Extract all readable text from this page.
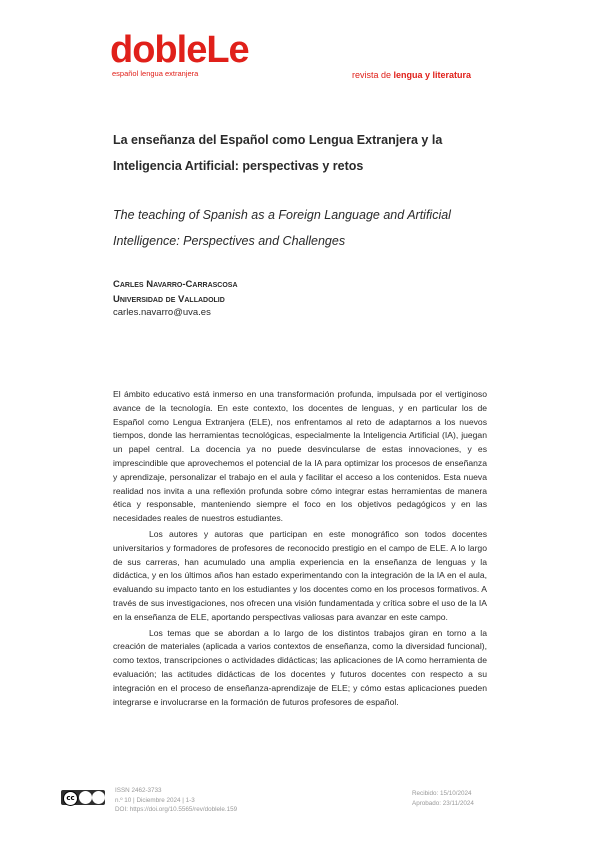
dobleLe
español lengua extranjera	revista de lengua y literatura
La enseñanza del Español como Lengua Extranjera y la Inteligencia Artificial: perspectivas y retos
The teaching of Spanish as a Foreign Language and Artificial Intelligence: Perspectives and Challenges
Carles Navarro-Carrascosa
Universidad de Valladolid
carles.navarro@uva.es

El ámbito educativo está inmerso en una transformación profunda, impulsada por el vertiginoso avance de la tecnología. En este contexto, los docentes de lenguas, y en particular los de Español como Lengua Extranjera (ELE), nos enfrentamos al reto de adaptarnos a los nuevos tiempos, donde las herramientas tecnológicas, especialmente la Inteligencia Artificial (IA), juegan un papel central. La docencia ya no puede desvincularse de estas innovaciones, y es imprescindible que aprovechemos el potencial de la IA para optimizar los procesos de enseñanza y aprendizaje, personalizar el trabajo en el aula y facilitar el acceso a los contenidos. Esta nueva realidad nos invita a una reflexión profunda sobre cómo integrar estas herramientas de manera ética y responsable, manteniendo siempre el foco en los objetivos pedagógicos y en las necesidades reales de nuestros estudiantes.

Los autores y autoras que participan en este monográfico son todos docentes universitarios y formadores de profesores de reconocido prestigio en el campo de ELE. A lo largo de sus carreras, han acumulado una amplia experiencia en la enseñanza de lenguas y la didáctica, y en los últimos años han estado experimentando con la integración de la IA en el aula, evaluando su impacto tanto en los estudiantes y los docentes como en los procesos formativos. A través de sus investigaciones, nos ofrecen una visión fundamentada y crítica sobre el uso de la IA en la enseñanza de ELE, aportando perspectivas valiosas para avanzar en este campo.

Los temas que se abordan a lo largo de los distintos trabajos giran en torno a la creación de materiales (aplicada a varios contextos de enseñanza, como la diversidad funcional), como textos, transcripciones o actividades didácticas; las aplicaciones de IA como herramienta de evaluación; las actitudes didácticas de los docentes y futuros docentes con respecto a su integración en el proceso de enseñanza-aprendizaje de ELE; y cómo estas aplicaciones pueden integrarse e involucrarse en la formación de futuros profesores de español.

cc
ISSN 2462-3733
n.º 10 | Diciembre 2024 | 1-3
DOI: https://doi.org/10.5565/rev/doblele.159
Recibido: 15/10/2024
Aprobado: 23/11/2024
